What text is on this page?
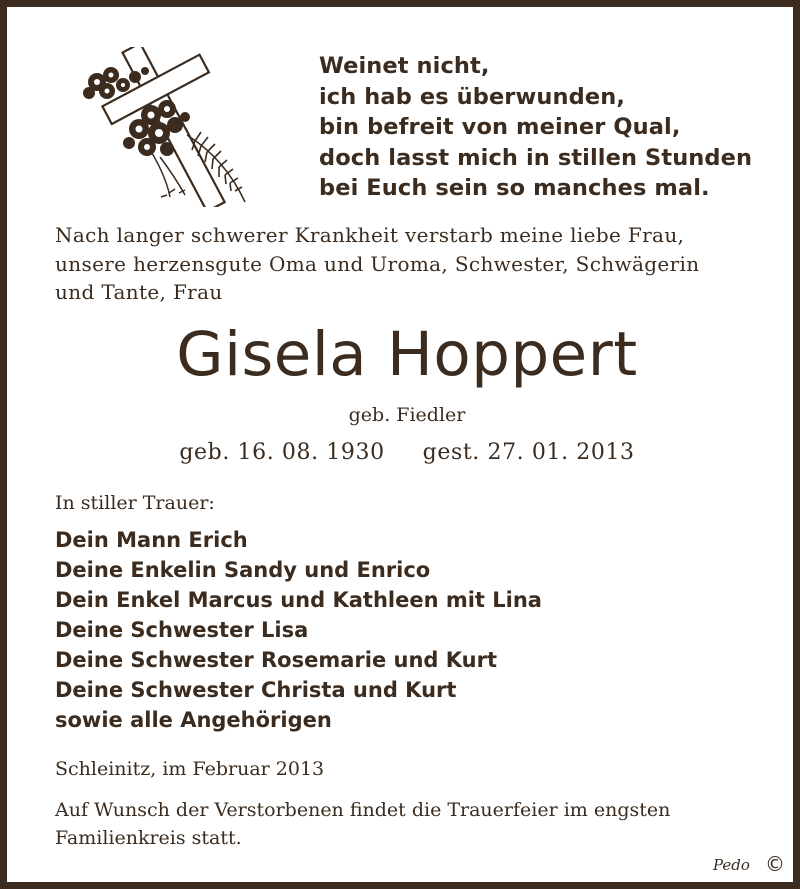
Weinet nicht,
ich hab es überwunden,
bin befreit von meiner Qual,
doch lasst mich in stillen Stunden
bei Euch sein so manches mal.
Nach langer schwerer Krankheit verstarb meine liebe Frau,
unsere herzensgute Oma und Uroma, Schwester, Schwägerin
und Tante, Frau
Gisela Hoppert
geb. Fiedler
geb. 16. 08. 1930 gest. 27. 01. 2013
In stiller Trauer:
Dein Mann Erich
Deine Enkelin Sandy und Enrico
Dein Enkel Marcus und Kathleen mit Lina
Deine Schwester Lisa
Deine Schwester Rosemarie und Kurt
Deine Schwester Christa und Kurt
sowie alle Angehörigen
Schleinitz, im Februar 2013
Auf Wunsch der Verstorbenen findet die Trauerfeier im engsten
Familienkreis statt.
Pedo ©
